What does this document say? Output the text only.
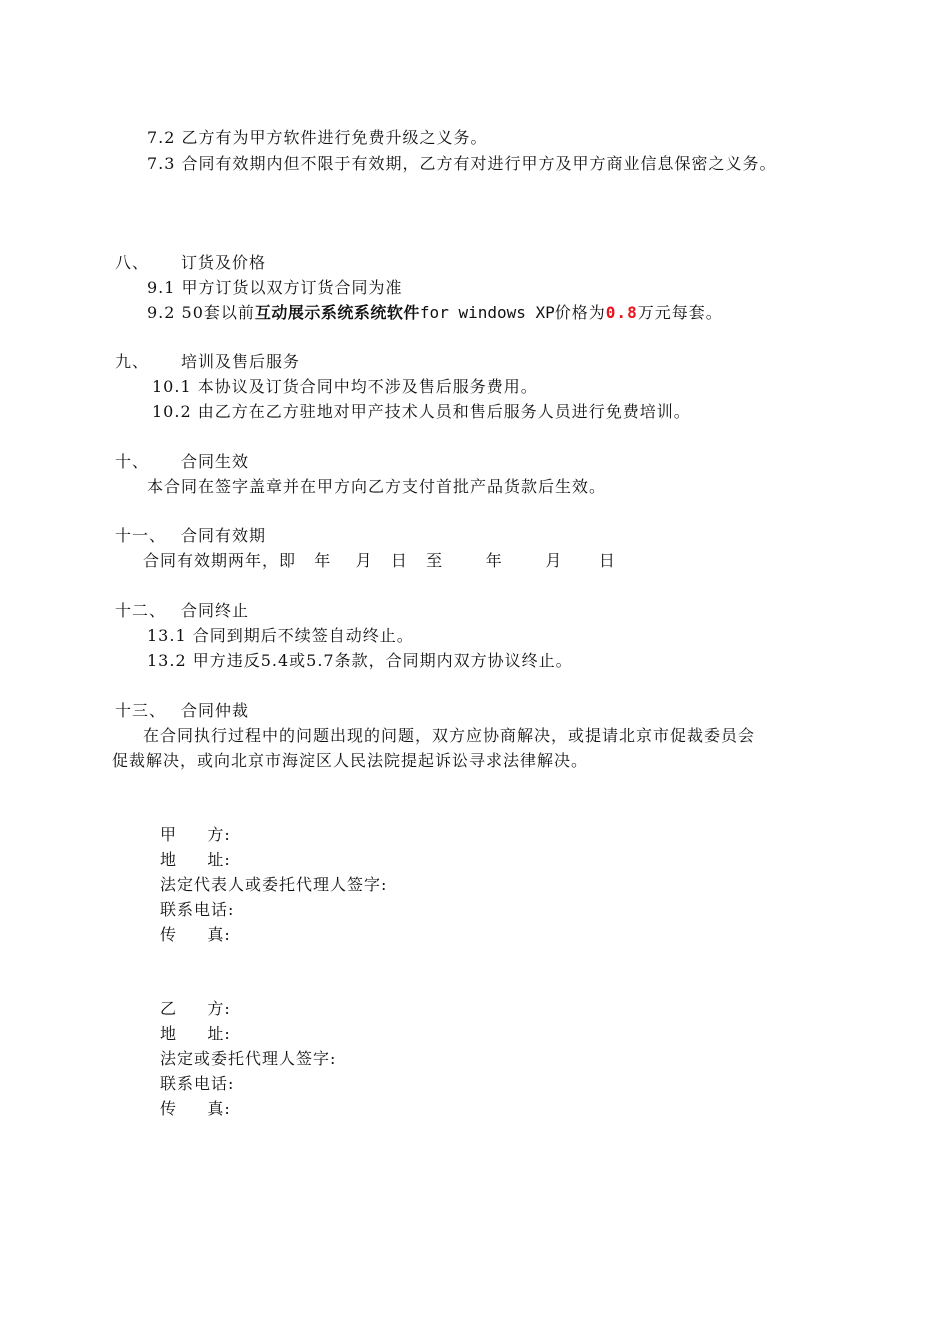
7.2 乙方有为甲方软件进行免费升级之义务。
7.3 合同有效期内但不限于有效期，乙方有对进行甲方及甲方商业信息保密之义务。
八、 订货及价格
9.1 甲方订货以双方订货合同为准
9.2 50套以前互动展示系统系统软件for windows XP价格为0.8万元每套。
九、 培训及售后服务
10.1 本协议及订货合同中均不涉及售后服务费用。
10.2 由乙方在乙方驻地对甲产技术人员和售后服务人员进行免费培训。
十、 合同生效
本合同在签字盖章并在甲方向乙方支付首批产品货款后生效。
十一、 合同有效期
合同有效期两年，即   年    月   日   至       年       月      日
十二、 合同终止
13.1 合同到期后不续签自动终止。
13.2 甲方违反5.4或5.7条款，合同期内双方协议终止。
十三、 合同仲裁
在合同执行过程中的问题出现的问题，双方应协商解决，或提请北京市促裁委员会
促裁解决，或向北京市海淀区人民法院提起诉讼寻求法律解决。
甲     方:
地     址:
法定代表人或委托代理人签字:
联系电话:
传     真:
乙     方:
地     址:
法定或委托代理人签字:
联系电话:
传     真:
